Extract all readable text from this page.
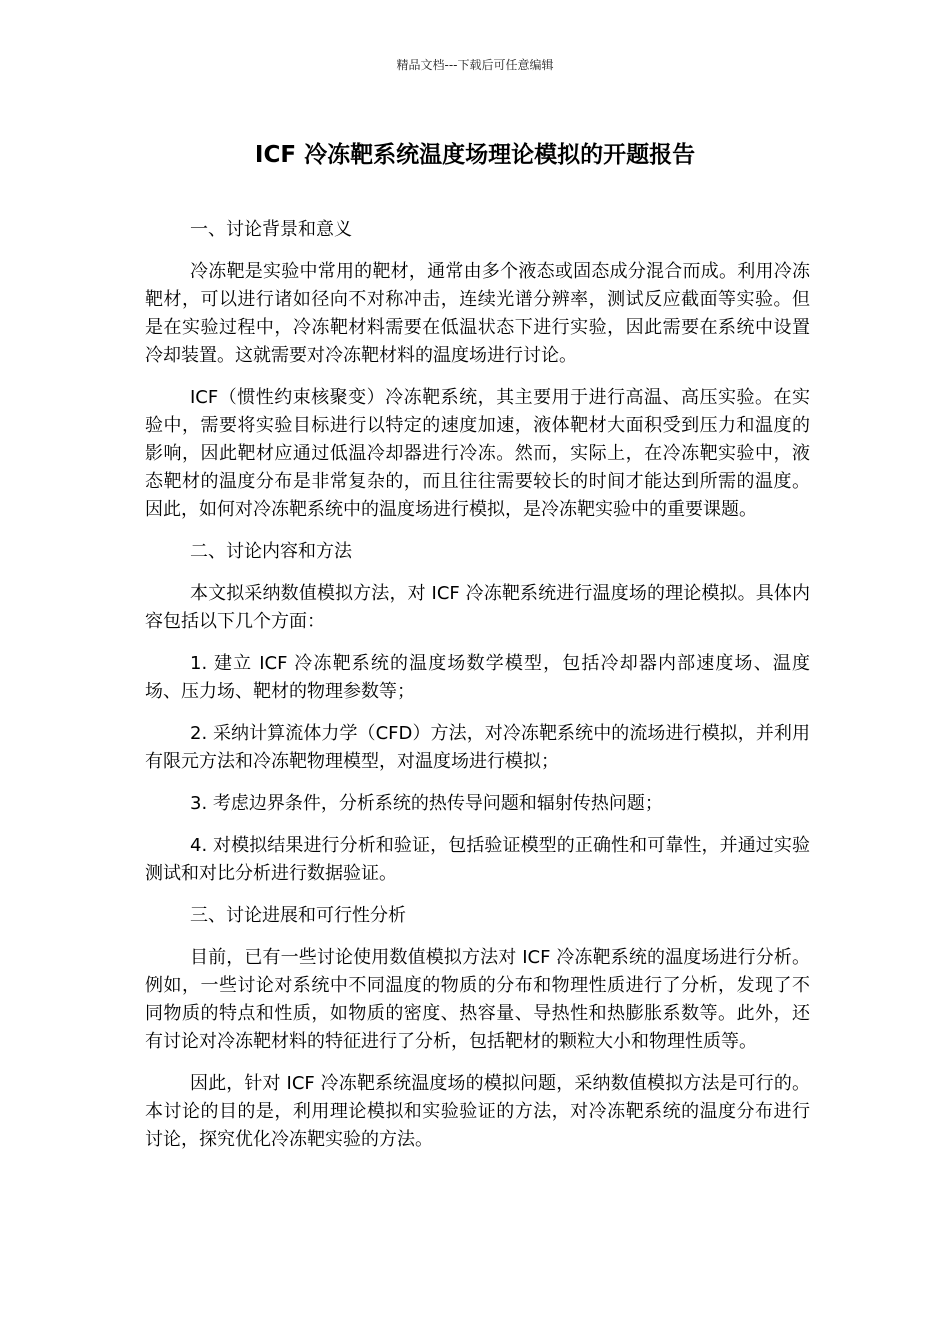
精品文档---下载后可任意编辑
ICF 冷冻靶系统温度场理论模拟的开题报告

一、讨论背景和意义

冷冻靶是实验中常用的靶材，通常由多个液态或固态成分混合而成。利用冷冻靶材，可以进行诸如径向不对称冲击，连续光谱分辨率，测试反应截面等实验。但是在实验过程中，冷冻靶材料需要在低温状态下进行实验，因此需要在系统中设置冷却装置。这就需要对冷冻靶材料的温度场进行讨论。

ICF（惯性约束核聚变）冷冻靶系统，其主要用于进行高温、高压实验。在实验中，需要将实验目标进行以特定的速度加速，液体靶材大面积受到压力和温度的影响，因此靶材应通过低温冷却器进行冷冻。然而，实际上，在冷冻靶实验中，液态靶材的温度分布是非常复杂的，而且往往需要较长的时间才能达到所需的温度。因此，如何对冷冻靶系统中的温度场进行模拟，是冷冻靶实验中的重要课题。

二、讨论内容和方法

本文拟采纳数值模拟方法，对 ICF 冷冻靶系统进行温度场的理论模拟。具体内容包括以下几个方面：

1. 建立 ICF 冷冻靶系统的温度场数学模型，包括冷却器内部速度场、温度场、压力场、靶材的物理参数等；

2. 采纳计算流体力学（CFD）方法，对冷冻靶系统中的流场进行模拟，并利用有限元方法和冷冻靶物理模型，对温度场进行模拟；

3. 考虑边界条件，分析系统的热传导问题和辐射传热问题；

4. 对模拟结果进行分析和验证，包括验证模型的正确性和可靠性，并通过实验测试和对比分析进行数据验证。

三、讨论进展和可行性分析

目前，已有一些讨论使用数值模拟方法对 ICF 冷冻靶系统的温度场进行分析。例如，一些讨论对系统中不同温度的物质的分布和物理性质进行了分析，发现了不同物质的特点和性质，如物质的密度、热容量、导热性和热膨胀系数等。此外，还有讨论对冷冻靶材料的特征进行了分析，包括靶材的颗粒大小和物理性质等。

因此，针对 ICF 冷冻靶系统温度场的模拟问题，采纳数值模拟方法是可行的。本讨论的目的是，利用理论模拟和实验验证的方法，对冷冻靶系统的温度分布进行讨论，探究优化冷冻靶实验的方法。
